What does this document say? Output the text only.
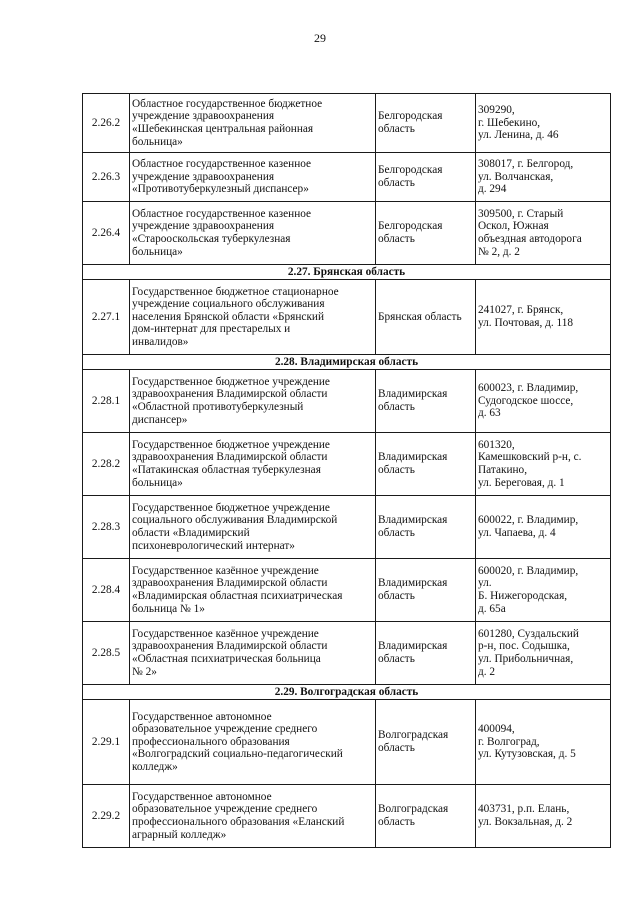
29
2.26.2	Областное государственное бюджетное
учреждение здравоохранения
«Шебекинская центральная районная
больница»	Белгородская
область	309290,
г. Шебекино,
ул. Ленина, д. 46

2.26.3	Областное государственное казенное
учреждение здравоохранения
«Противотуберкулезный диспансер»	Белгородская
область	308017, г. Белгород,
ул. Волчанская,
д. 294

2.26.4	Областное государственное казенное
учреждение здравоохранения
«Старооскольская туберкулезная
больница»	Белгородская
область	309500, г. Старый
Оскол, Южная
объездная автодорога
№ 2, д. 2

2.27. Брянская область			
2.27.1	Государственное бюджетное стационарное
учреждение социального обслуживания
населения Брянской области «Брянский
дом-интернат для престарелых и
инвалидов»	Брянская область	241027, г. Брянск,
ул. Почтовая, д. 118

2.28. Владимирская область			
2.28.1	Государственное бюджетное учреждение
здравоохранения Владимирской области
«Областной противотуберкулезный
диспансер»	Владимирская
область	600023, г. Владимир,
Судогодское шоссе,
д. 63

2.28.2	Государственное бюджетное учреждение
здравоохранения Владимирской области
«Патакинская областная туберкулезная
больница»	Владимирская
область	601320,
Камешковский р-н, с.
Патакино,
ул. Береговая, д. 1

2.28.3	Государственное бюджетное учреждение
социального обслуживания Владимирской
области «Владимирский
психоневрологический интернат»	Владимирская
область	600022, г. Владимир,
ул. Чапаева, д. 4

2.28.4	Государственное казённое учреждение
здравоохранения Владимирской области
«Владимирская областная психиатрическая
больница № 1»	Владимирская
область	600020, г. Владимир,
ул.
Б. Нижегородская,
д. 65а

2.28.5	Государственное казённое учреждение
здравоохранения Владимирской области
«Областная психиатрическая больница
№ 2»	Владимирская
область	601280, Суздальский
р-н, пос. Содышка,
ул. Прибольничная,
д. 2

2.29. Волгоградская область			
2.29.1	Государственное автономное
образовательное учреждение среднего
профессионального образования
«Волгоградский социально-педагогический
колледж»	Волгоградская
область	400094,
г. Волгоград,
ул. Кутузовская, д. 5

2.29.2	Государственное автономное
образовательное учреждение среднего
профессионального образования «Еланский
аграрный колледж»	Волгоградская
область	403731, р.п. Елань,
ул. Вокзальная, д. 2
